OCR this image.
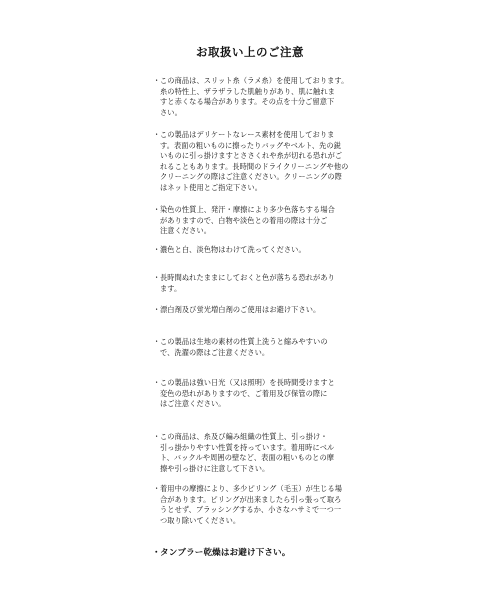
お取扱い上のご注意
・ この商品は、スリット糸（ラメ糸）を使用しております。
糸の特性上、ザラザラした肌触りがあり、肌に触れま
すと赤くなる場合があります。その点を十分ご留意下
さい。
・ この製品はデリケートなレース素材を使用しておりま
す。表面の粗いものに擦ったりバッグやベルト、先の鋭
いものに引っ掛けますとささくれや糸が切れる恐れがご
れることもあります。長時間のドライクリーニングや他の
クリーニングの際はご注意ください。クリーニングの際
はネット使用とご指定下さい。
・ 染色の性質上、発汗・摩擦により多少色落ちする場合
がありますので、白物や淡色との着用の際は十分ご
注意ください。
・ 濃色と白、淡色物はわけて洗ってください。
・ 長時間ぬれたままにしておくと色が落ちる恐れがあり
ます。
・ 漂白剤及び蛍光増白剤のご使用はお避け下さい。
・ この製品は生地の素材の性質上洗うと縮みやすいの
で、洗濯の際はご注意ください。
・ この製品は強い日光（又は照明）を長時間受けますと
変色の恐れがありますので、ご着用及び保管の際に
はご注意ください。
・ この商品は、糸及び編み組織の性質上、引っ掛け・
引っ掛かりやすい性質を持っています。着用時にベル
ト、バックルや周囲の壁など、表面の粗いものとの摩
擦や引っ掛けに注意して下さい。
・ 着用中の摩擦により、多少ピリング（毛玉）が生じる場
合があります。ピリングが出来ましたら引っ張って取ろ
うとせず、ブラッシングするか、小さなハサミで一つ一
つ取り除いてください。
・ タンブラー乾燥はお避け下さい。
